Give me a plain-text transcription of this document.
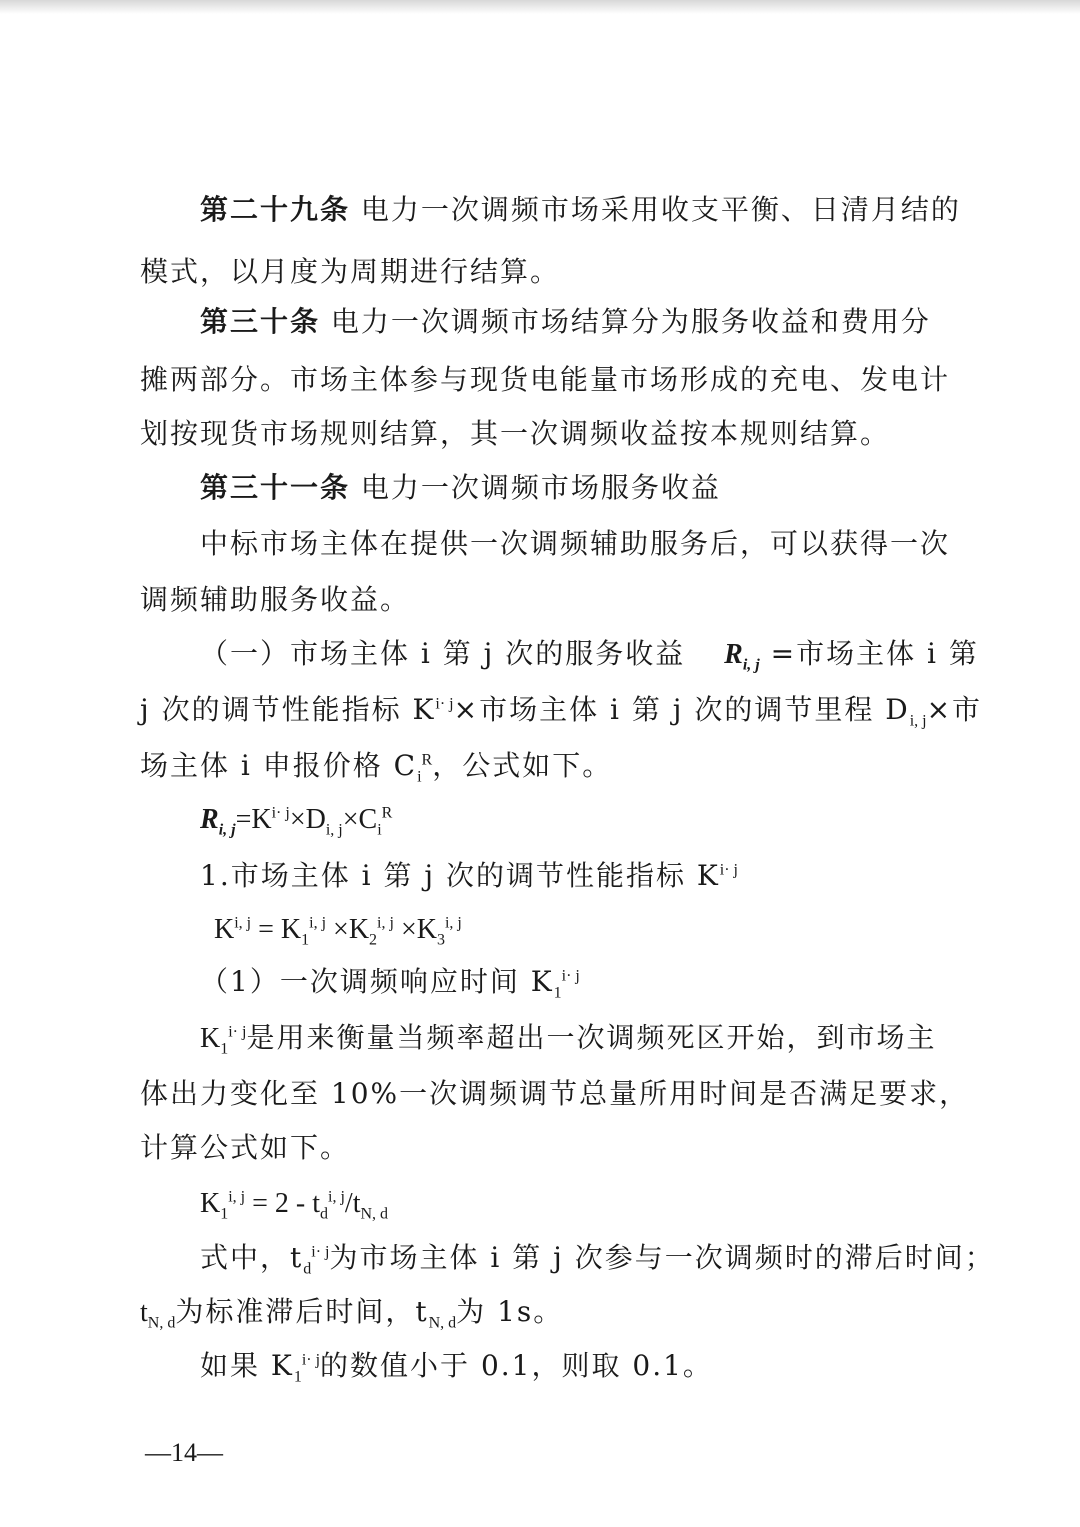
第二十九条 电力一次调频市场采用收支平衡、日清月结的
模式，以月度为周期进行结算。
第三十条 电力一次调频市场结算分为服务收益和费用分
摊两部分。市场主体参与现货电能量市场形成的充电、发电计
划按现货市场规则结算，其一次调频收益按本规则结算。
第三十一条 电力一次调频市场服务收益
中标市场主体在提供一次调频辅助服务后，可以获得一次
调频辅助服务收益。
（一）市场主体 i 第 j 次的服务收益 $R_{i, j}$ =市场主体 i 第
j 次的调节性能指标 $K^{i\cdot j}\times$市场主体 i 第 j 次的调节里程 $D_{i, j}\times$市
场主体 i 申报价格 $C_i^R$，公式如下。
$R_{i, j}=K^{i\cdot j}\times D_{i, j}\times C_i^R$
1.市场主体 i 第 j 次的调节性能指标 $K^{i\cdot j}$
$K^{i, j} = K_1^{i, j} \times K_2^{i, j} \times K_3^{i, j}$
（1）一次调频响应时间 $K_1^{i\cdot j}$
$K_1^{i\cdot j}$是用来衡量当频率超出一次调频死区开始，到市场主
体出力变化至 10%一次调频调节总量所用时间是否满足要求，
计算公式如下。
$K_1^{i, j} = 2 - t_d^{i, j}/t_{N, d}$
式中，$t_d^{i\cdot j}$为市场主体 i 第 j 次参与一次调频时的滞后时间；
$t_{N, d}$为标准滞后时间，$t_{N, d}$为 1s。
如果 $K_1^{i\cdot j}$的数值小于 0.1，则取 0.1。
—14—
